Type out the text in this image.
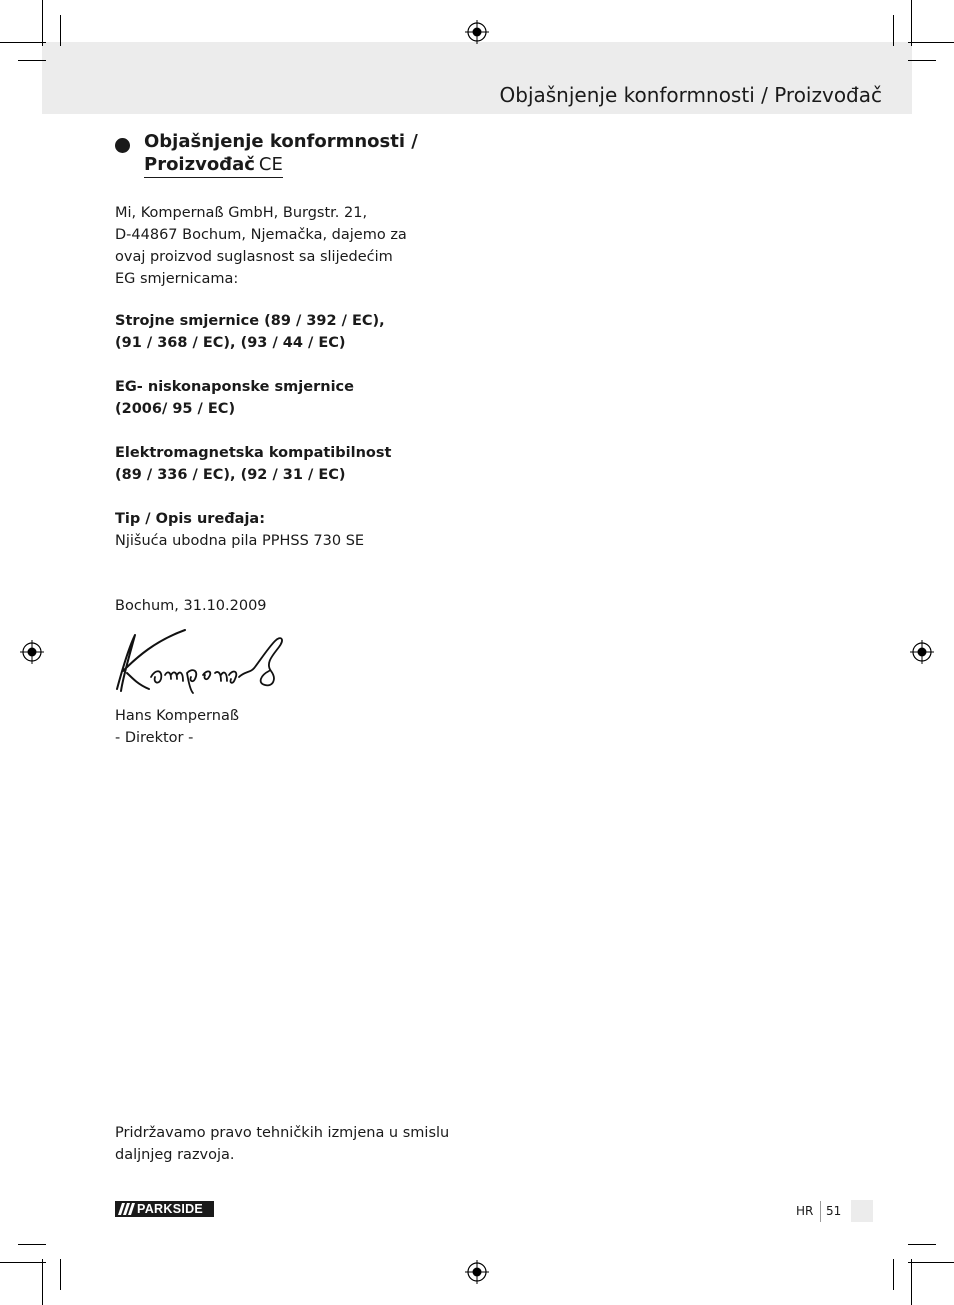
Objašnjenje konformnosti / Proizvođač
Objašnjenje konformnosti /
Proizvođač CE

Mi, Kompernaß GmbH, Burgstr. 21,
D-44867 Bochum, Njemačka, dajemo za
ovaj proizvod suglasnost sa slijedećim
EG smjernicama:

Strojne smjernice (89 / 392 / EC),
(91 / 368 / EC), (93 / 44 / EC)

EG- niskonaponske smjernice
(2006/ 95 / EC)

Elektromagnetska kompatibilnost
(89 / 336 / EC), (92 / 31 / EC)

Tip / Opis uređaja:

Njišuća ubodna pila PPHSS 730 SE

Bochum, 31.10.2009

Hans Kompernaß

- Direktor -

Pridržavamo pravo tehničkih izmjena u smislu
daljnjeg razvoja.

PARKSIDE	HR 51
